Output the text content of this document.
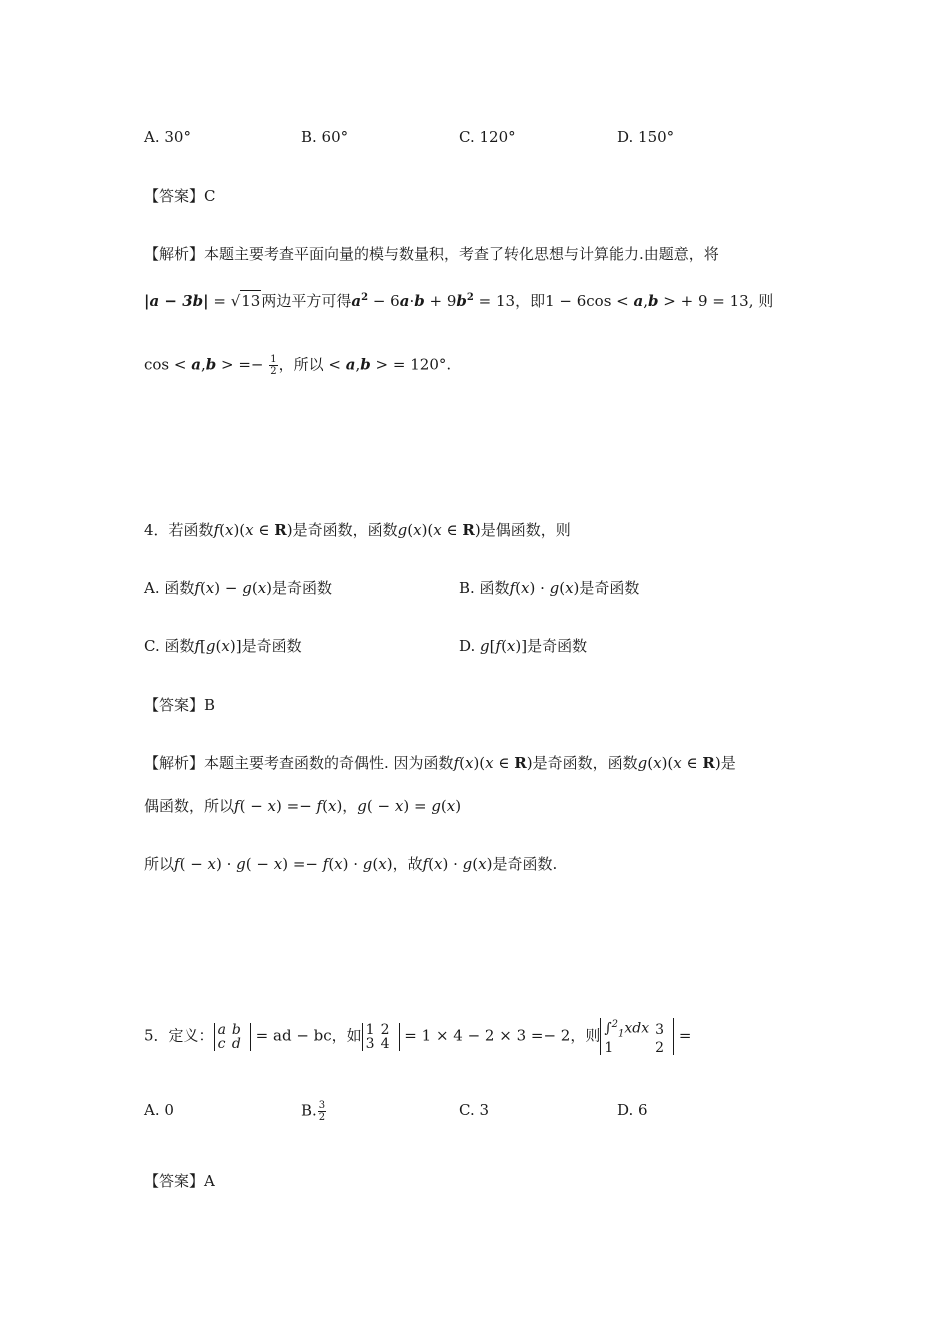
A. 30°	B. 60°	C. 120°	D. 150°
【答案】C
【解析】本题主要考查平面向量的模与数量积，考查了转化思想与计算能力.由题意，将
|a − 3b| = √13两边平方可得$a^2 - 6a\cdot b + 9b^2 = 13$，即1 − 6cos < a,b > + 9 = 13, 则
cos < a,b > =− $\frac{1}{2}$ ，所以 < a,b > = 120°.
4．若函数f(x)(x ∈ R)是奇函数，函数g(x)(x ∈ R)是偶函数，则
A. 函数f(x) − g(x)是奇函数	B. 函数f(x) · g(x)是奇函数
C. 函数f[g(x)]是奇函数	D. g[f(x)]是奇函数
【答案】B
【解析】本题主要考查函数的奇偶性. 因为函数f(x)(x ∈ R)是奇函数，函数g(x)(x ∈ R)是
偶函数，所以f( − x) =− f(x)，g( − x) = g(x)
所以f( − x) · g( − x) =− f(x) · g(x)，故f(x) · g(x)是奇函数.
5．定义： a	b
c	d = ad − bc，如 1	2
3	4 = 1 × 4 − 2 × 3 =− 2，则 ∫$^2_1$xdx	3
1	2
=
A. 0	B. $\frac{3}{2}$	C. 3	D. 6
【答案】A
